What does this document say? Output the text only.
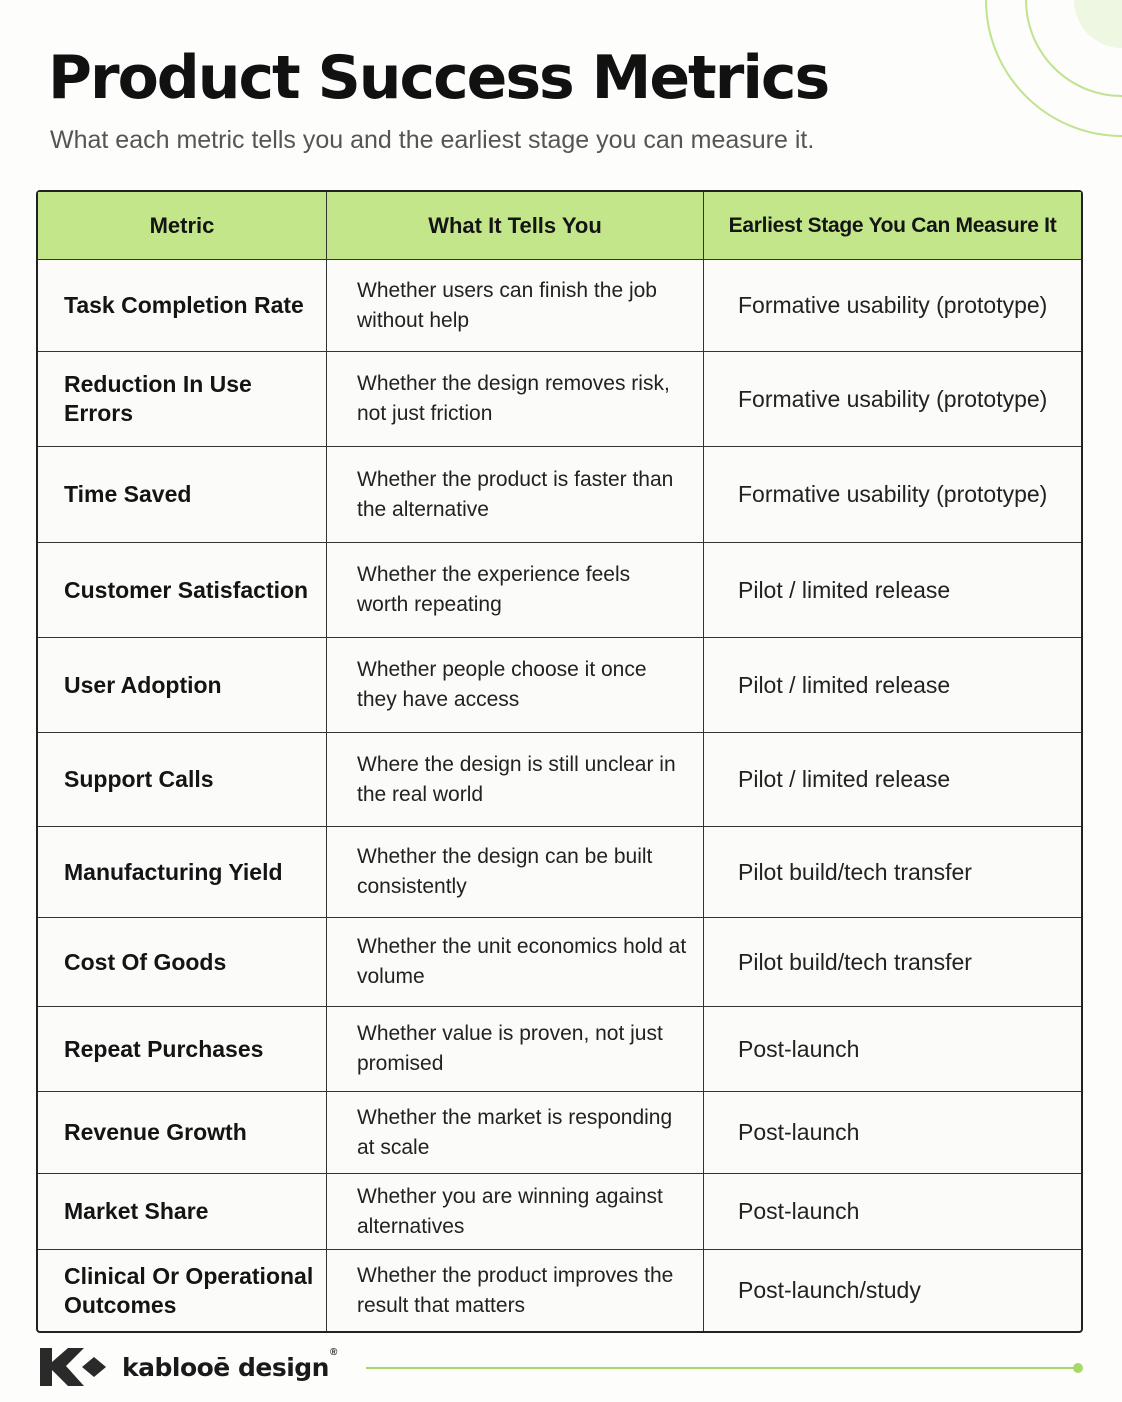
Product Success Metrics

What each metric tells you and the earliest stage you can measure it.

Metric	What It Tells You	Earliest Stage You Can Measure It
Task Completion Rate	Whether users can finish the job without help	Formative usability (prototype)
Reduction In Use Errors	Whether the design removes risk, not just friction	Formative usability (prototype)
Time Saved	Whether the product is faster than the alternative	Formative usability (prototype)
Customer Satisfaction	Whether the experience feels worth repeating	Pilot / limited release
User Adoption	Whether people choose it once they have access	Pilot / limited release
Support Calls	Where the design is still unclear in the real world	Pilot / limited release
Manufacturing Yield	Whether the design can be built consistently	Pilot build/tech transfer
Cost Of Goods	Whether the unit economics hold at volume	Pilot build/tech transfer
Repeat Purchases	Whether value is proven, not just promised	Post-launch
Revenue Growth	Whether the market is responding at scale	Post-launch
Market Share	Whether you are winning against alternatives	Post-launch
Clinical Or Operational Outcomes	Whether the product improves the result that matters	Post-launch/study
kablooē design®
